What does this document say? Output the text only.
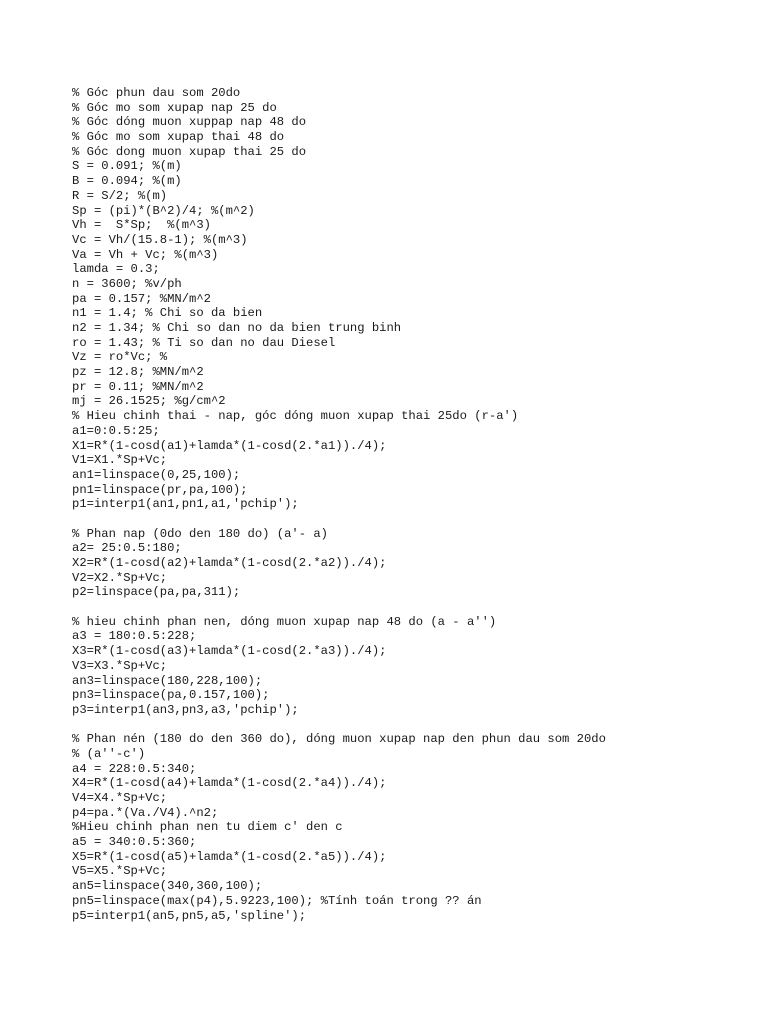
% Góc phun dau som 20do
% Góc mo som xupap nap 25 do
% Góc dóng muon xuppap nap 48 do
% Góc mo som xupap thai 48 do
% Góc dong muon xupap thai 25 do
S = 0.091; %(m)
B = 0.094; %(m)
R = S/2; %(m)
Sp = (pi)*(B^2)/4; %(m^2)
Vh =  S*Sp;  %(m^3)
Vc = Vh/(15.8-1); %(m^3)
Va = Vh + Vc; %(m^3)
lamda = 0.3;
n = 3600; %v/ph
pa = 0.157; %MN/m^2
n1 = 1.4; % Chi so da bien
n2 = 1.34; % Chi so dan no da bien trung binh
ro = 1.43; % Ti so dan no dau Diesel
Vz = ro*Vc; %
pz = 12.8; %MN/m^2
pr = 0.11; %MN/m^2
mj = 26.1525; %g/cm^2
% Hieu chinh thai - nap, góc dóng muon xupap thai 25do (r-a')
a1=0:0.5:25;
X1=R*(1-cosd(a1)+lamda*(1-cosd(2.*a1))./4);
V1=X1.*Sp+Vc;
an1=linspace(0,25,100);
pn1=linspace(pr,pa,100);
p1=interp1(an1,pn1,a1,'pchip');
% Phan nap (0do den 180 do) (a'- a)
a2= 25:0.5:180;
X2=R*(1-cosd(a2)+lamda*(1-cosd(2.*a2))./4);
V2=X2.*Sp+Vc;
p2=linspace(pa,pa,311);
% hieu chinh phan nen, dóng muon xupap nap 48 do (a - a'')
a3 = 180:0.5:228;
X3=R*(1-cosd(a3)+lamda*(1-cosd(2.*a3))./4);
V3=X3.*Sp+Vc;
an3=linspace(180,228,100);
pn3=linspace(pa,0.157,100);
p3=interp1(an3,pn3,a3,'pchip');
% Phan nén (180 do den 360 do), dóng muon xupap nap den phun dau som 20do
% (a''-c')
a4 = 228:0.5:340;
X4=R*(1-cosd(a4)+lamda*(1-cosd(2.*a4))./4);
V4=X4.*Sp+Vc;
p4=pa.*(Va./V4).^n2;
%Hieu chinh phan nen tu diem c' den c
a5 = 340:0.5:360;
X5=R*(1-cosd(a5)+lamda*(1-cosd(2.*a5))./4);
V5=X5.*Sp+Vc;
an5=linspace(340,360,100);
pn5=linspace(max(p4),5.9223,100); %Tính toán trong ?? án
p5=interp1(an5,pn5,a5,'spline');
